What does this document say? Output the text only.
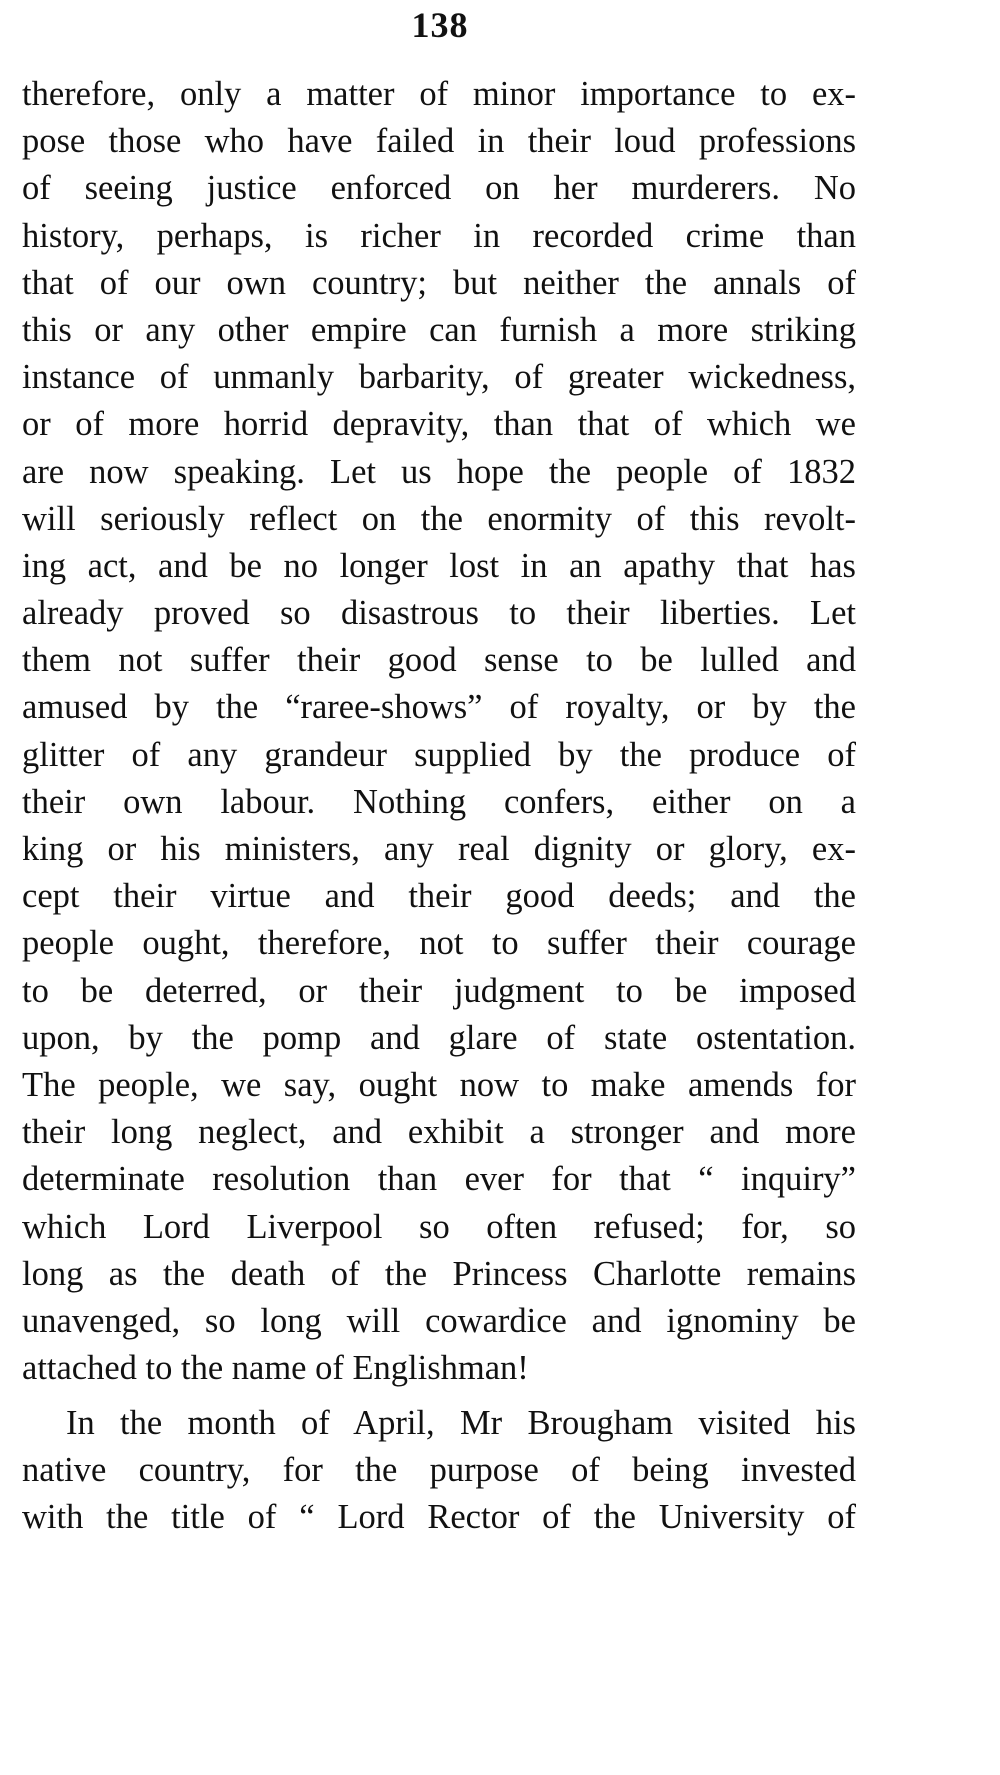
138
therefore, only a matter of minor importance to ex-
pose those who have failed in their loud professions
of seeing justice enforced on her murderers. No
history, perhaps, is richer in recorded crime than
that of our own country; but neither the annals of
this or any other empire can furnish a more striking
instance of unmanly barbarity, of greater wickedness,
or of more horrid depravity, than that of which we
are now speaking. Let us hope the people of 1832
will seriously reflect on the enormity of this revolt-
ing act, and be no longer lost in an apathy that has
already proved so disastrous to their liberties. Let
them not suffer their good sense to be lulled and
amused by the “raree-shows” of royalty, or by the
glitter of any grandeur supplied by the produce of
their own labour. Nothing confers, either on a
king or his ministers, any real dignity or glory, ex-
cept their virtue and their good deeds; and the
people ought, therefore, not to suffer their courage
to be deterred, or their judgment to be imposed
upon, by the pomp and glare of state ostentation.
The people, we say, ought now to make amends for
their long neglect, and exhibit a stronger and more
determinate resolution than ever for that “ inquiry”
which Lord Liverpool so often refused; for, so
long as the death of the Princess Charlotte remains
unavenged, so long will cowardice and ignominy be
attached to the name of Englishman!
In the month of April, Mr Brougham visited his
native country, for the purpose of being invested
with the title of “ Lord Rector of the University of
